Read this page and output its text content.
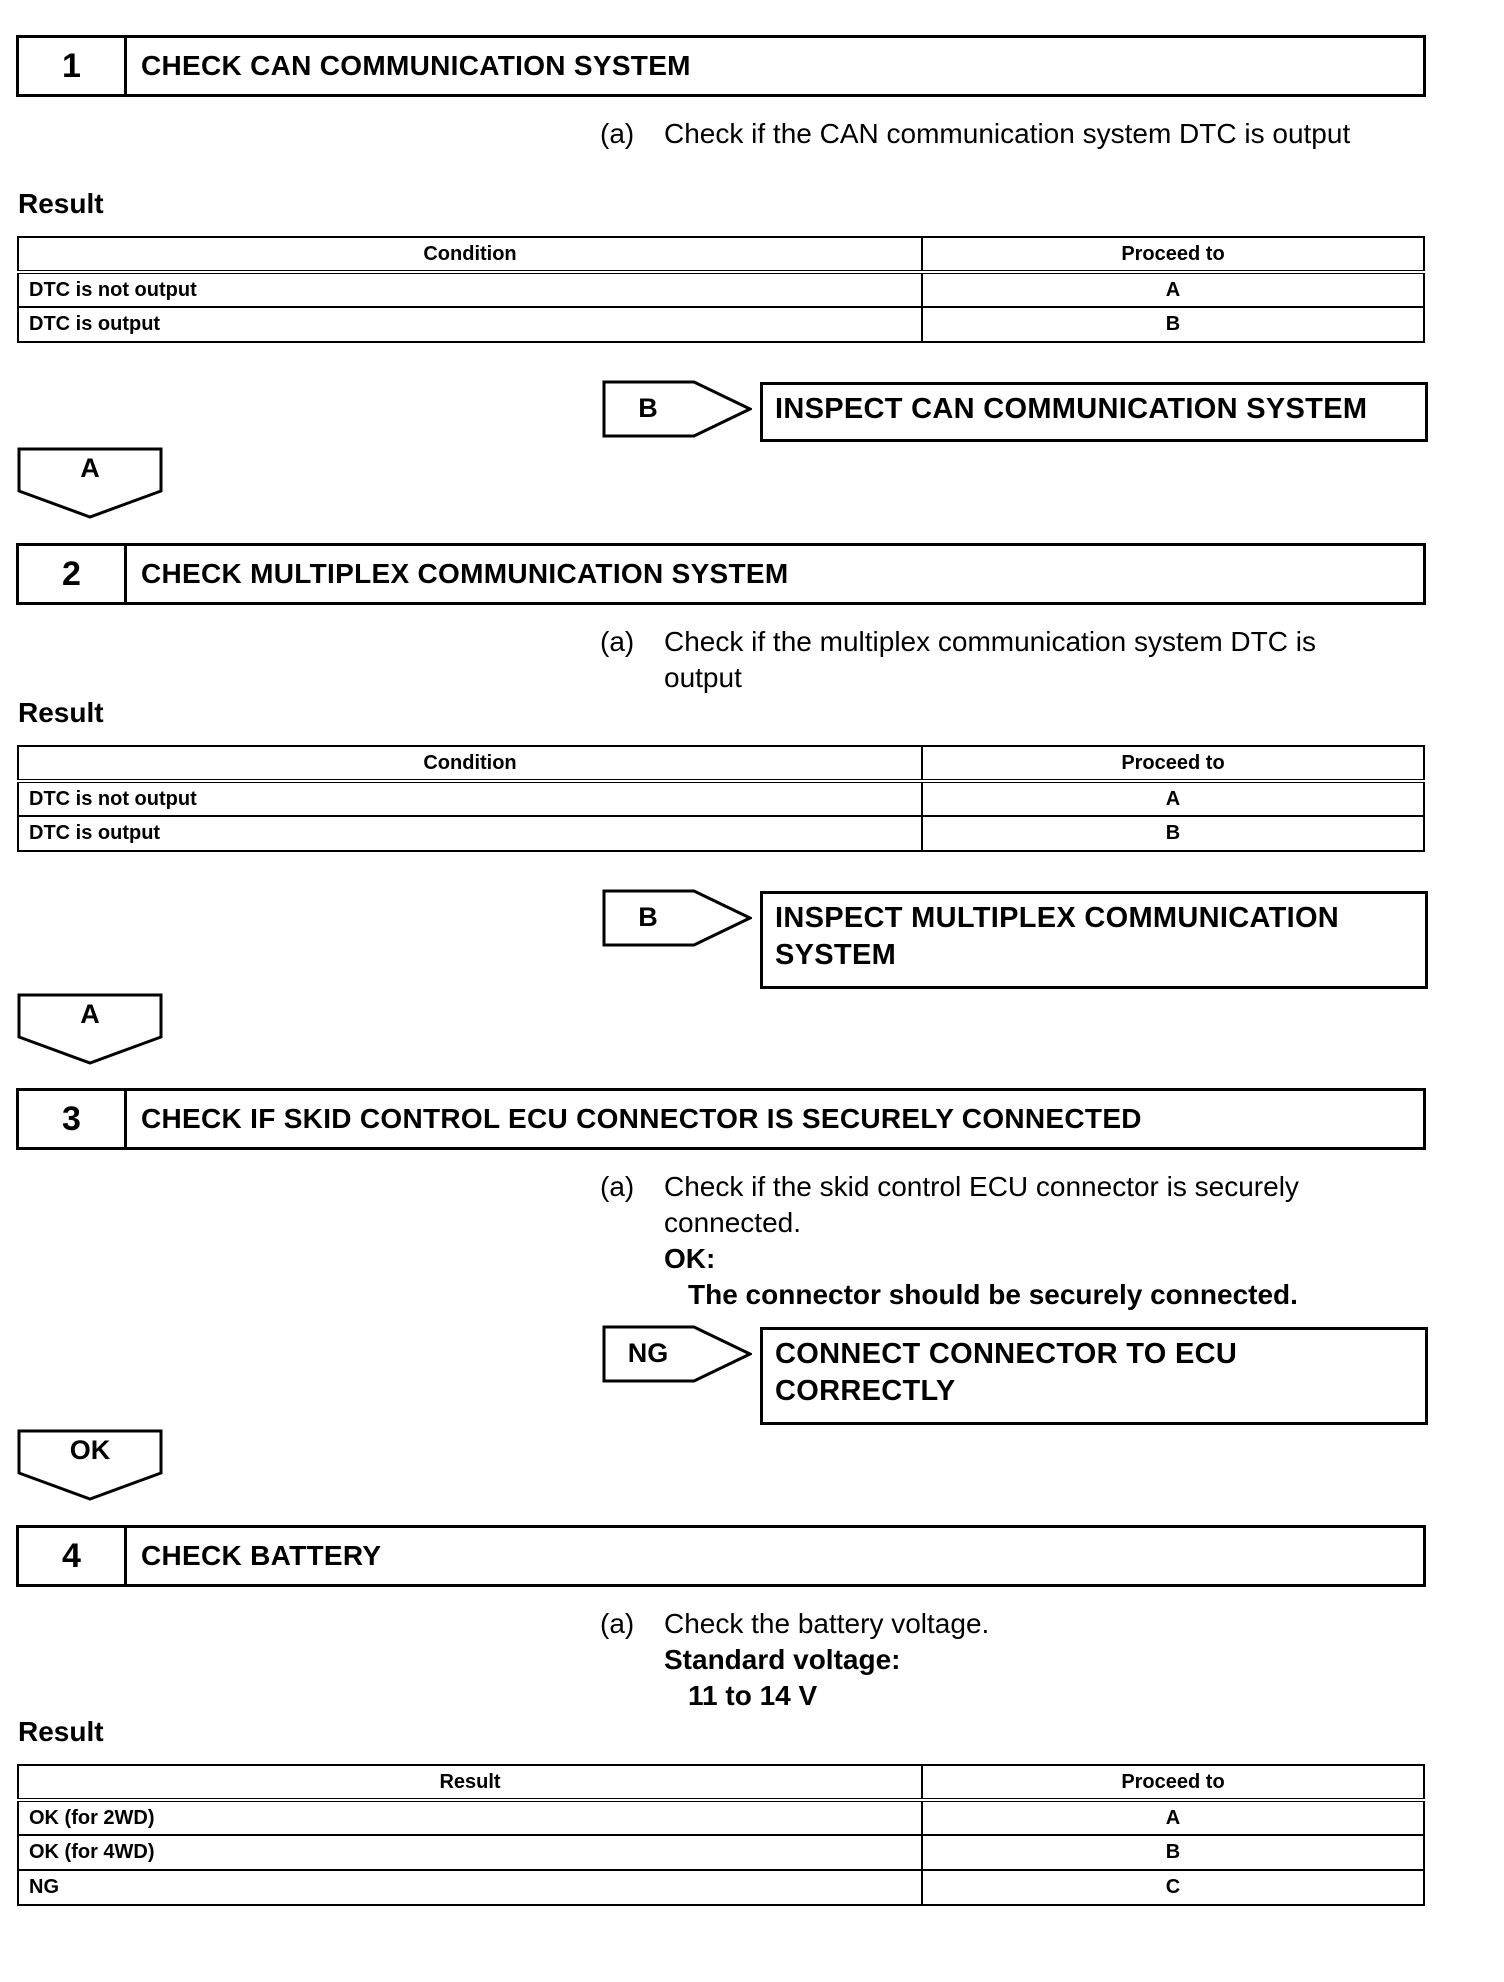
1	CHECK CAN COMMUNICATION SYSTEM
(a) Check if the CAN communication system DTC is output
Result
Condition	Proceed to
DTC is not output	A
DTC is output	B
B	INSPECT CAN COMMUNICATION SYSTEM
A
2	CHECK MULTIPLEX COMMUNICATION SYSTEM
(a) Check if the multiplex communication system DTC is
output
Result
Condition	Proceed to
DTC is not output	A
DTC is output	B
B	INSPECT MULTIPLEX COMMUNICATION
SYSTEM
A
3	CHECK IF SKID CONTROL ECU CONNECTOR IS SECURELY CONNECTED
(a) Check if the skid control ECU connector is securely
connected.
OK:
The connector should be securely connected.
NG	CONNECT CONNECTOR TO ECU
CORRECTLY
OK
4	CHECK BATTERY
(a) Check the battery voltage.
Standard voltage:
11 to 14 V
Result
Result	Proceed to
OK (for 2WD)	A
OK (for 4WD)	B
NG	C
